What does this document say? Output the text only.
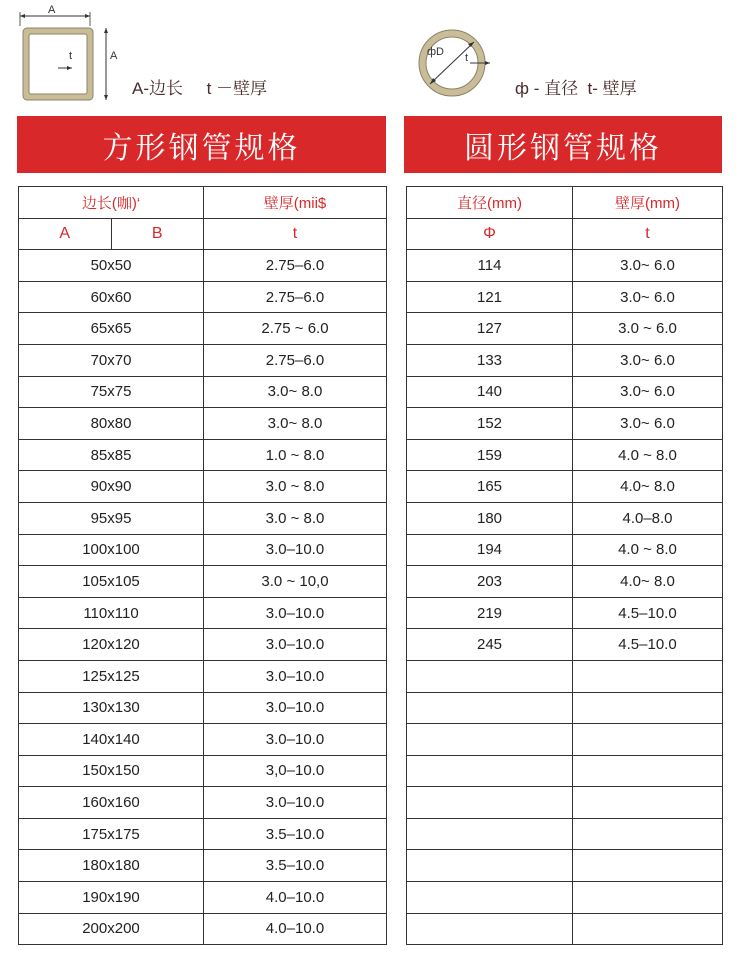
A
A
t
A-边长     t －壁厚
фD t
ф - 直径  t- 壁厚
方形钢管规格	圆形钢管规格
边长(咖)‘	壁厚(mii$

A B	t
50x50	2.75–6.0
60x60	2.75–6.0
65x65	2.75 ~ 6.0
70x70	2.75–6.0
75x75	3.0~ 8.0
80x80	3.0~ 8.0
85x85	1.0 ~ 8.0
90x90	3.0 ~ 8.0
95x95	3.0 ~ 8.0
100x100	3.0–10.0
105x105	3.0 ~ 10,0
110x110	3.0–10.0
120x120	3.0–10.0
125x125	3.0–10.0
130x130	3.0–10.0
140x140	3.0–10.0
150x150	3,0–10.0
160x160	3.0–10.0
175x175	3.5–10.0
180x180	3.5–10.0
190x190	4.0–10.0
200x200	4.0–10.0
直径(mm)	壁厚(mm)
Φ	t
114	3.0~ 6.0
121	3.0~ 6.0
127	3.0 ~ 6.0
133	3.0~ 6.0
140	3.0~ 6.0
152	3.0~ 6.0
159	4.0 ~ 8.0
165	4.0~ 8.0
180	4.0–8.0
194	4.0 ~ 8.0
203	4.0~ 8.0
219	4.5–10.0
245	4.5–10.0
